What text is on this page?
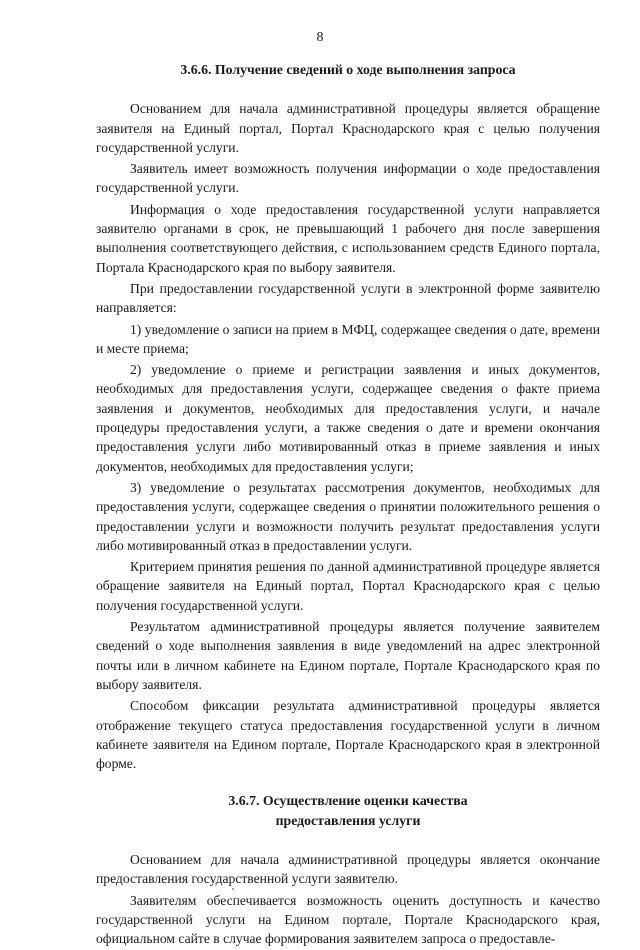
8

3.6.6. Получение сведений о ходе выполнения запроса

Основанием для начала административной процедуры является обращение заявителя на Единый портал, Портал Краснодарского края с целью получения государственной услуги.

Заявитель имеет возможность получения информации о ходе предоставления государственной услуги.

Информация о ходе предоставления государственной услуги направляется заявителю органами в срок, не превышающий 1 рабочего дня после завершения выполнения соответствующего действия, с использованием средств Единого портала, Портала Краснодарского края по выбору заявителя.

При предоставлении государственной услуги в электронной форме заявителю направляется:

1) уведомление о записи на прием в МФЦ, содержащее сведения о дате, времени и месте приема;

2) уведомление о приеме и регистрации заявления и иных документов, необходимых для предоставления услуги, содержащее сведения о факте приема заявления и документов, необходимых для предоставления услуги, и начале процедуры предоставления услуги, а также сведения о дате и времени окончания предоставления услуги либо мотивированный отказ в приеме заявления и иных документов, необходимых для предоставления услуги;

3) уведомление о результатах рассмотрения документов, необходимых для предоставления услуги, содержащее сведения о принятии положительного решения о предоставлении услуги и возможности получить результат предоставления услуги либо мотивированный отказ в предоставлении услуги.

Критерием принятия решения по данной административной процедуре является обращение заявителя на Единый портал, Портал Краснодарского края с целью получения государственной услуги.

Результатом административной процедуры является получение заявителем сведений о ходе выполнения заявления в виде уведомлений на адрес электронной почты или в личном кабинете на Едином портале, Портале Краснодарского края по выбору заявителя.

Способом фиксации результата административной процедуры является отображение текущего статуса предоставления государственной услуги в личном кабинете заявителя на Едином портале, Портале Краснодарского края в электронной форме.

3.6.7. Осуществление оценки качества
предоставления услуги

Основанием для начала административной процедуры является окончание предоставления государственной услуги заявителю.

Заявителям обеспечивается возможность оценить доступность и качество государственной услуги на Едином портале, Портале Краснодарского края, официальном сайте в случае формирования заявителем запроса о предоставле-
